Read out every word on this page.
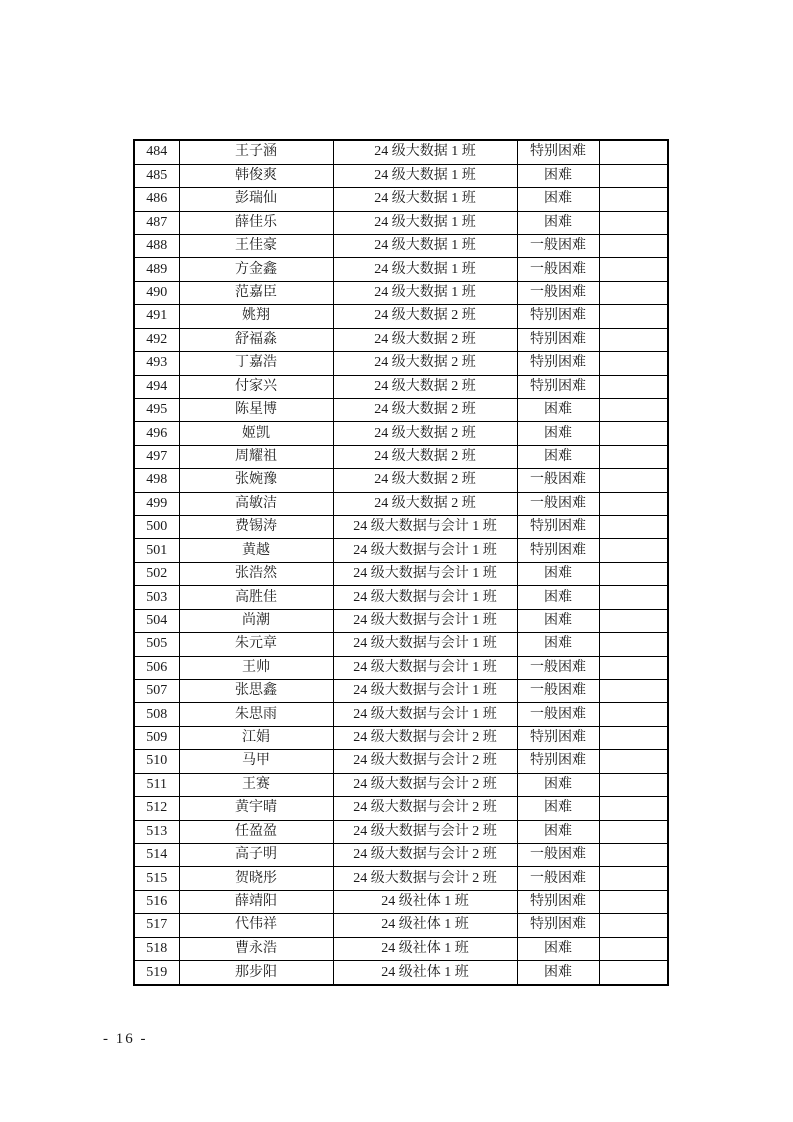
484	王子涵	24 级大数据 1 班	特别困难	
485	韩俊爽	24 级大数据 1 班	困难	
486	彭瑞仙	24 级大数据 1 班	困难	
487	薛佳乐	24 级大数据 1 班	困难	
488	王佳豪	24 级大数据 1 班	一般困难	
489	方金鑫	24 级大数据 1 班	一般困难	
490	范嘉臣	24 级大数据 1 班	一般困难	
491	姚翔	24 级大数据 2 班	特别困难	
492	舒福淼	24 级大数据 2 班	特别困难	
493	丁嘉浩	24 级大数据 2 班	特别困难	
494	付家兴	24 级大数据 2 班	特别困难	
495	陈星博	24 级大数据 2 班	困难	
496	姬凯	24 级大数据 2 班	困难	
497	周耀祖	24 级大数据 2 班	困难	
498	张婉豫	24 级大数据 2 班	一般困难	
499	高敏洁	24 级大数据 2 班	一般困难	
500	费锡涛	24 级大数据与会计 1 班	特别困难	
501	黄越	24 级大数据与会计 1 班	特别困难	
502	张浩然	24 级大数据与会计 1 班	困难	
503	高胜佳	24 级大数据与会计 1 班	困难	
504	尚潮	24 级大数据与会计 1 班	困难	
505	朱元章	24 级大数据与会计 1 班	困难	
506	王帅	24 级大数据与会计 1 班	一般困难	
507	张思鑫	24 级大数据与会计 1 班	一般困难	
508	朱思雨	24 级大数据与会计 1 班	一般困难	
509	江娟	24 级大数据与会计 2 班	特别困难	
510	马甲	24 级大数据与会计 2 班	特别困难	
511	王赛	24 级大数据与会计 2 班	困难	
512	黄宇晴	24 级大数据与会计 2 班	困难	
513	任盈盈	24 级大数据与会计 2 班	困难	
514	高子明	24 级大数据与会计 2 班	一般困难	
515	贺晓彤	24 级大数据与会计 2 班	一般困难	
516	薛靖阳	24 级社体 1 班	特别困难	
517	代伟祥	24 级社体 1 班	特别困难	
518	曹永浩	24 级社体 1 班	困难	
519	那步阳	24 级社体 1 班	困难	
- 16 -
